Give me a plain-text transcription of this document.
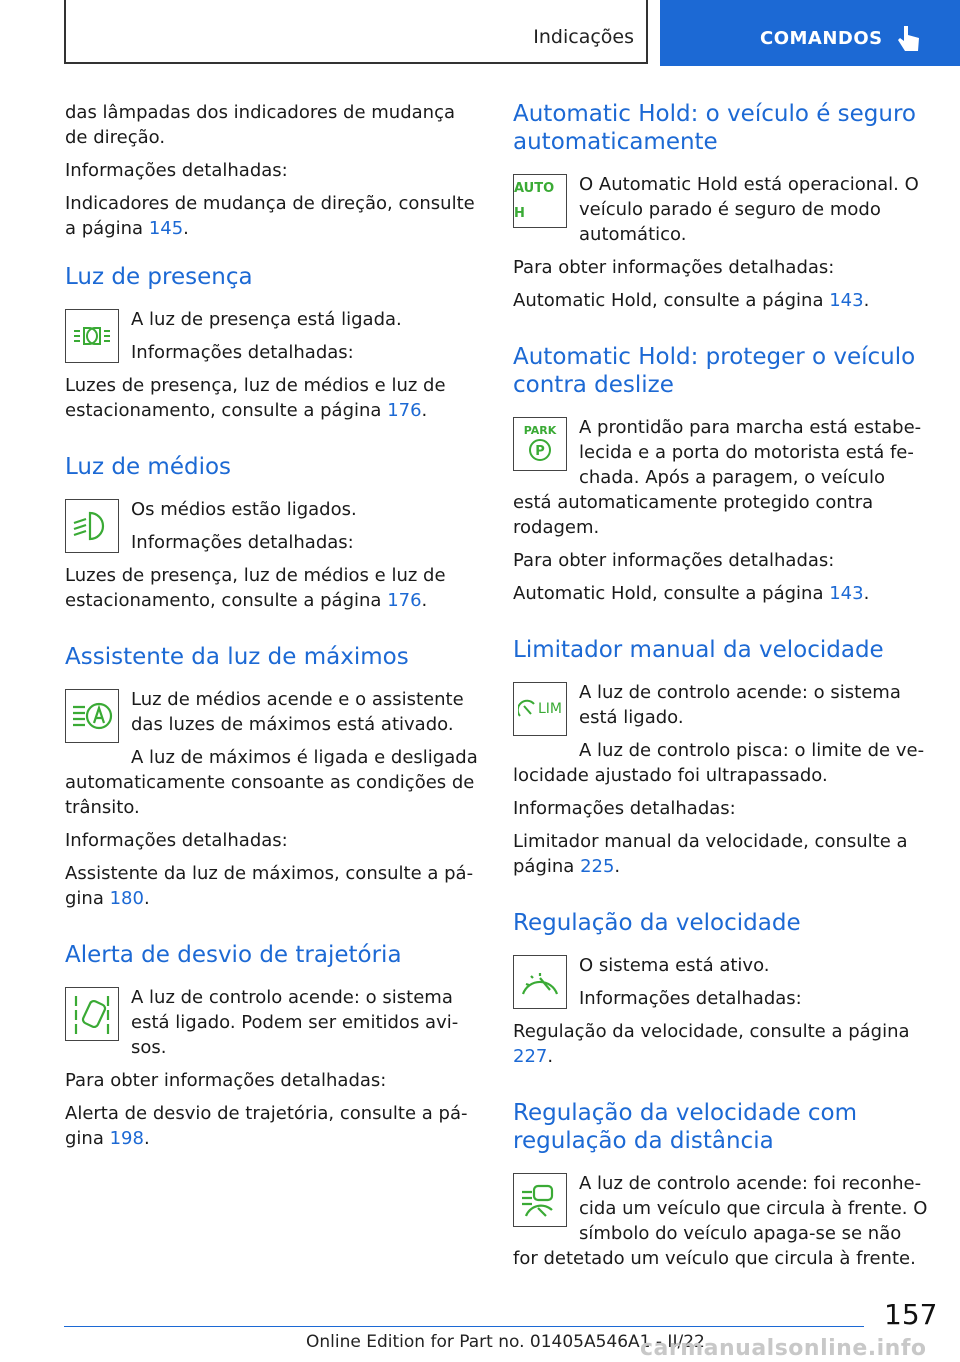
Indicações	COMANDOS

das lâmpadas dos indicadores de mudança de direção.

Informações detalhadas:

Indicadores de mudança de direção, consulte a página 145.

Luz de presença

A luz de presença está ligada.

Informações detalhadas:

Luzes de presença, luz de médios e luz de estacionamento, consulte a página 176.

Luz de médios

Os médios estão ligados.

Informações detalhadas:

Luzes de presença, luz de médios e luz de estacionamento, consulte a página 176.

Assistente da luz de máximos

Luz de médios acende e o assistente das luzes de máximos está ativado.

A luz de máximos é ligada e desligada automaticamente consoante as condições de trânsito.

Informações detalhadas:

Assistente da luz de máximos, consulte a página 180.

Alerta de desvio de trajetória

A luz de controlo acende: o sistema está ligado. Podem ser emitidos avisos.

Para obter informações detalhadas:

Alerta de desvio de trajetória, consulte a página 198.

Automatic Hold: o veículo é seguro automaticamente
AUTO H

O Automatic Hold está operacional. O veículo parado é seguro de modo automático.

Para obter informações detalhadas:

Automatic Hold, consulte a página 143.

Automatic Hold: proteger o veículo contra deslize
PARK
P

A prontidão para marcha está estabelecida e a porta do motorista está fechada. Após a paragem, o veículo está automaticamente protegido contra rodagem.

Para obter informações detalhadas:

Automatic Hold, consulte a página 143.

Limitador manual da velocidade
LIM

A luz de controlo acende: o sistema está ligado.

A luz de controlo pisca: o limite de velocidade ajustado foi ultrapassado.

Informações detalhadas:

Limitador manual da velocidade, consulte a página 225.

Regulação da velocidade

O sistema está ativo.

Informações detalhadas:

Regulação da velocidade, consulte a página 227.

Regulação da velocidade com regulação da distância

A luz de controlo acende: foi reconhecida um veículo que circula à frente. O símbolo do veículo apaga-se se não for detetado um veículo que circula à frente.

157
Online Edition for Part no. 01405A546A1 - II/22
carmanualsonline.info
